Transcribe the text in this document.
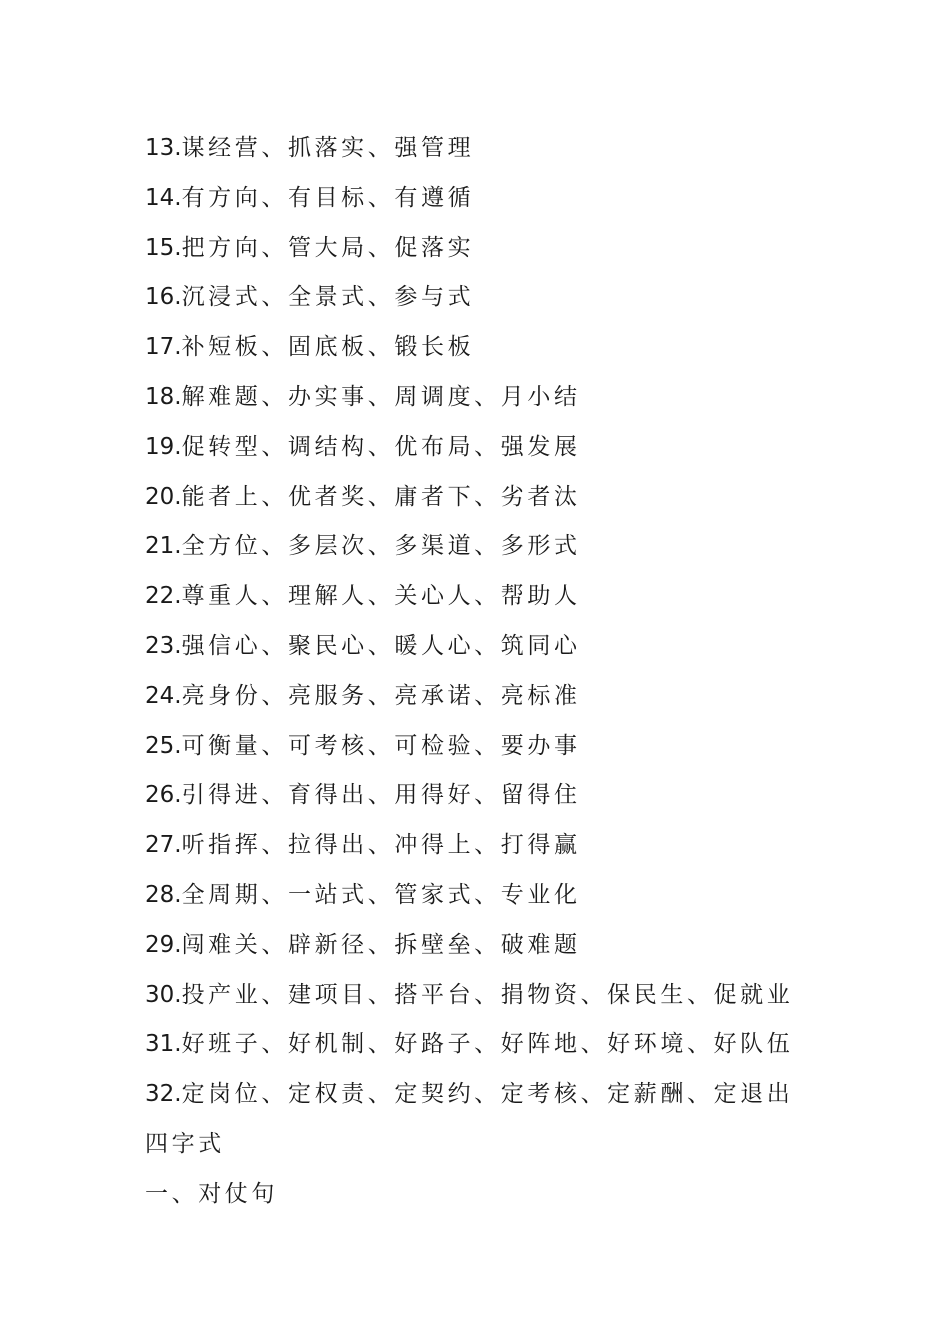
13.谋经营、抓落实、强管理
14.有方向、有目标、有遵循
15.把方向、管大局、促落实
16.沉浸式、全景式、参与式
17.补短板、固底板、锻长板
18.解难题、办实事、周调度、月小结
19.促转型、调结构、优布局、强发展
20.能者上、优者奖、庸者下、劣者汰
21.全方位、多层次、多渠道、多形式
22.尊重人、理解人、关心人、帮助人
23.强信心、聚民心、暖人心、筑同心
24.亮身份、亮服务、亮承诺、亮标准
25.可衡量、可考核、可检验、要办事
26.引得进、育得出、用得好、留得住
27.听指挥、拉得出、冲得上、打得赢
28.全周期、一站式、管家式、专业化
29.闯难关、辟新径、拆壁垒、破难题
30.投产业、建项目、搭平台、捐物资、保民生、促就业
31.好班子、好机制、好路子、好阵地、好环境、好队伍
32.定岗位、定权责、定契约、定考核、定薪酬、定退出
四字式
一、对仗句
